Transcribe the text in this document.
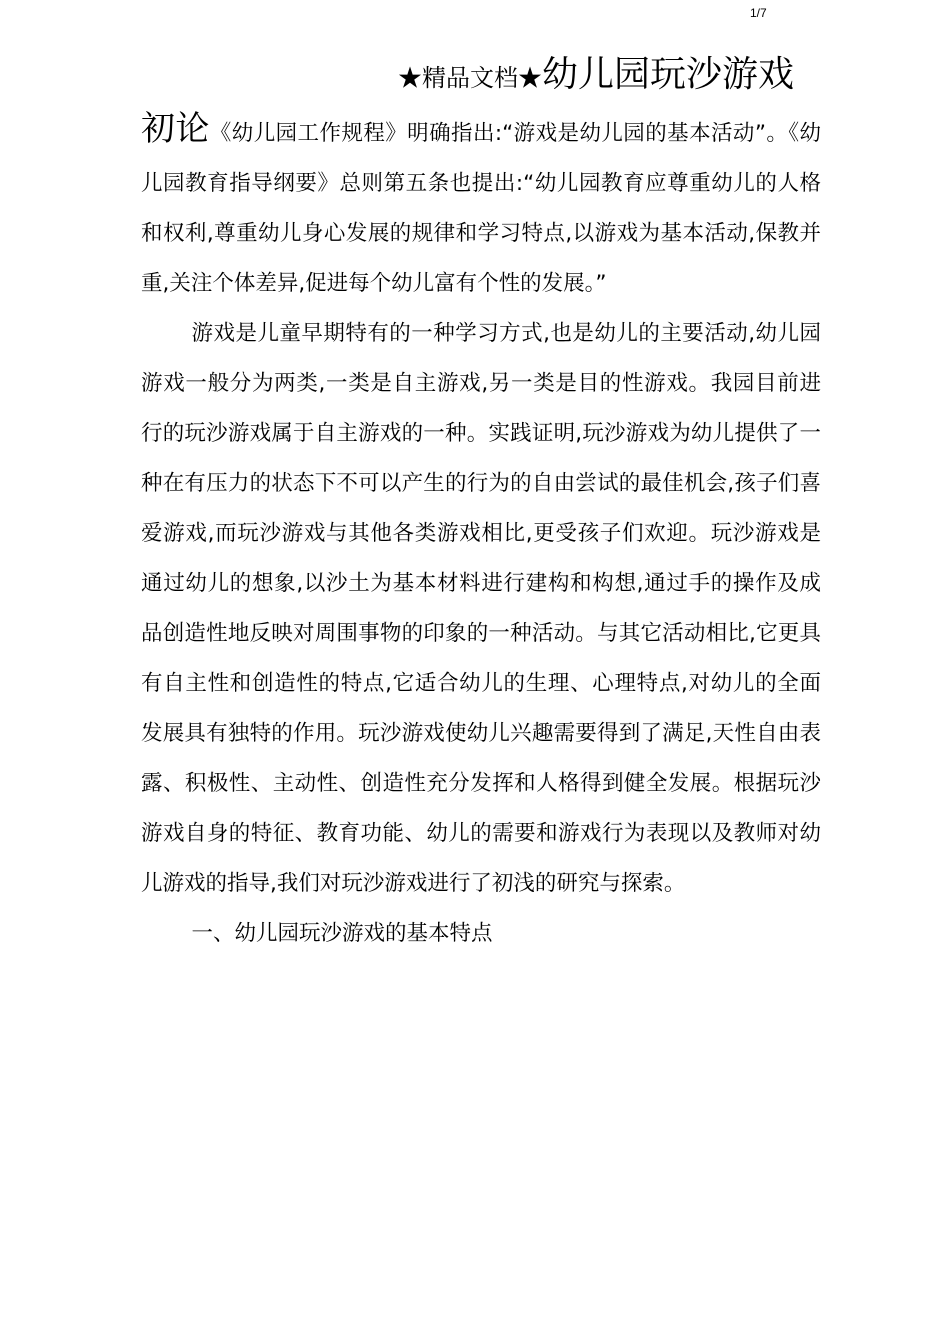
1/7
★精品文档★幼儿园玩沙游戏

初论《幼儿园工作规程》明确指出:“游戏是幼儿园的基本活动”。《幼儿园教育指导纲要》总则第五条也提出:“幼儿园教育应尊重幼儿的人格和权利,尊重幼儿身心发展的规律和学习特点,以游戏为基本活动,保教并重,关注个体差异,促进每个幼儿富有个性的发展。”

游戏是儿童早期特有的一种学习方式,也是幼儿的主要活动,幼儿园游戏一般分为两类,一类是自主游戏,另一类是目的性游戏。我园目前进行的玩沙游戏属于自主游戏的一种。实践证明,玩沙游戏为幼儿提供了一种在有压力的状态下不可以产生的行为的自由尝试的最佳机会,孩子们喜爱游戏,而玩沙游戏与其他各类游戏相比,更受孩子们欢迎。玩沙游戏是通过幼儿的想象,以沙土为基本材料进行建构和构想,通过手的操作及成品创造性地反映对周围事物的印象的一种活动。与其它活动相比,它更具有自主性和创造性的特点,它适合幼儿的生理、心理特点,对幼儿的全面发展具有独特的作用。玩沙游戏使幼儿兴趣需要得到了满足,天性自由表露、积极性、主动性、创造性充分发挥和人格得到健全发展。根据玩沙游戏自身的特征、教育功能、幼儿的需要和游戏行为表现以及教师对幼儿游戏的指导,我们对玩沙游戏进行了初浅的研究与探索。

一、幼儿园玩沙游戏的基本特点
